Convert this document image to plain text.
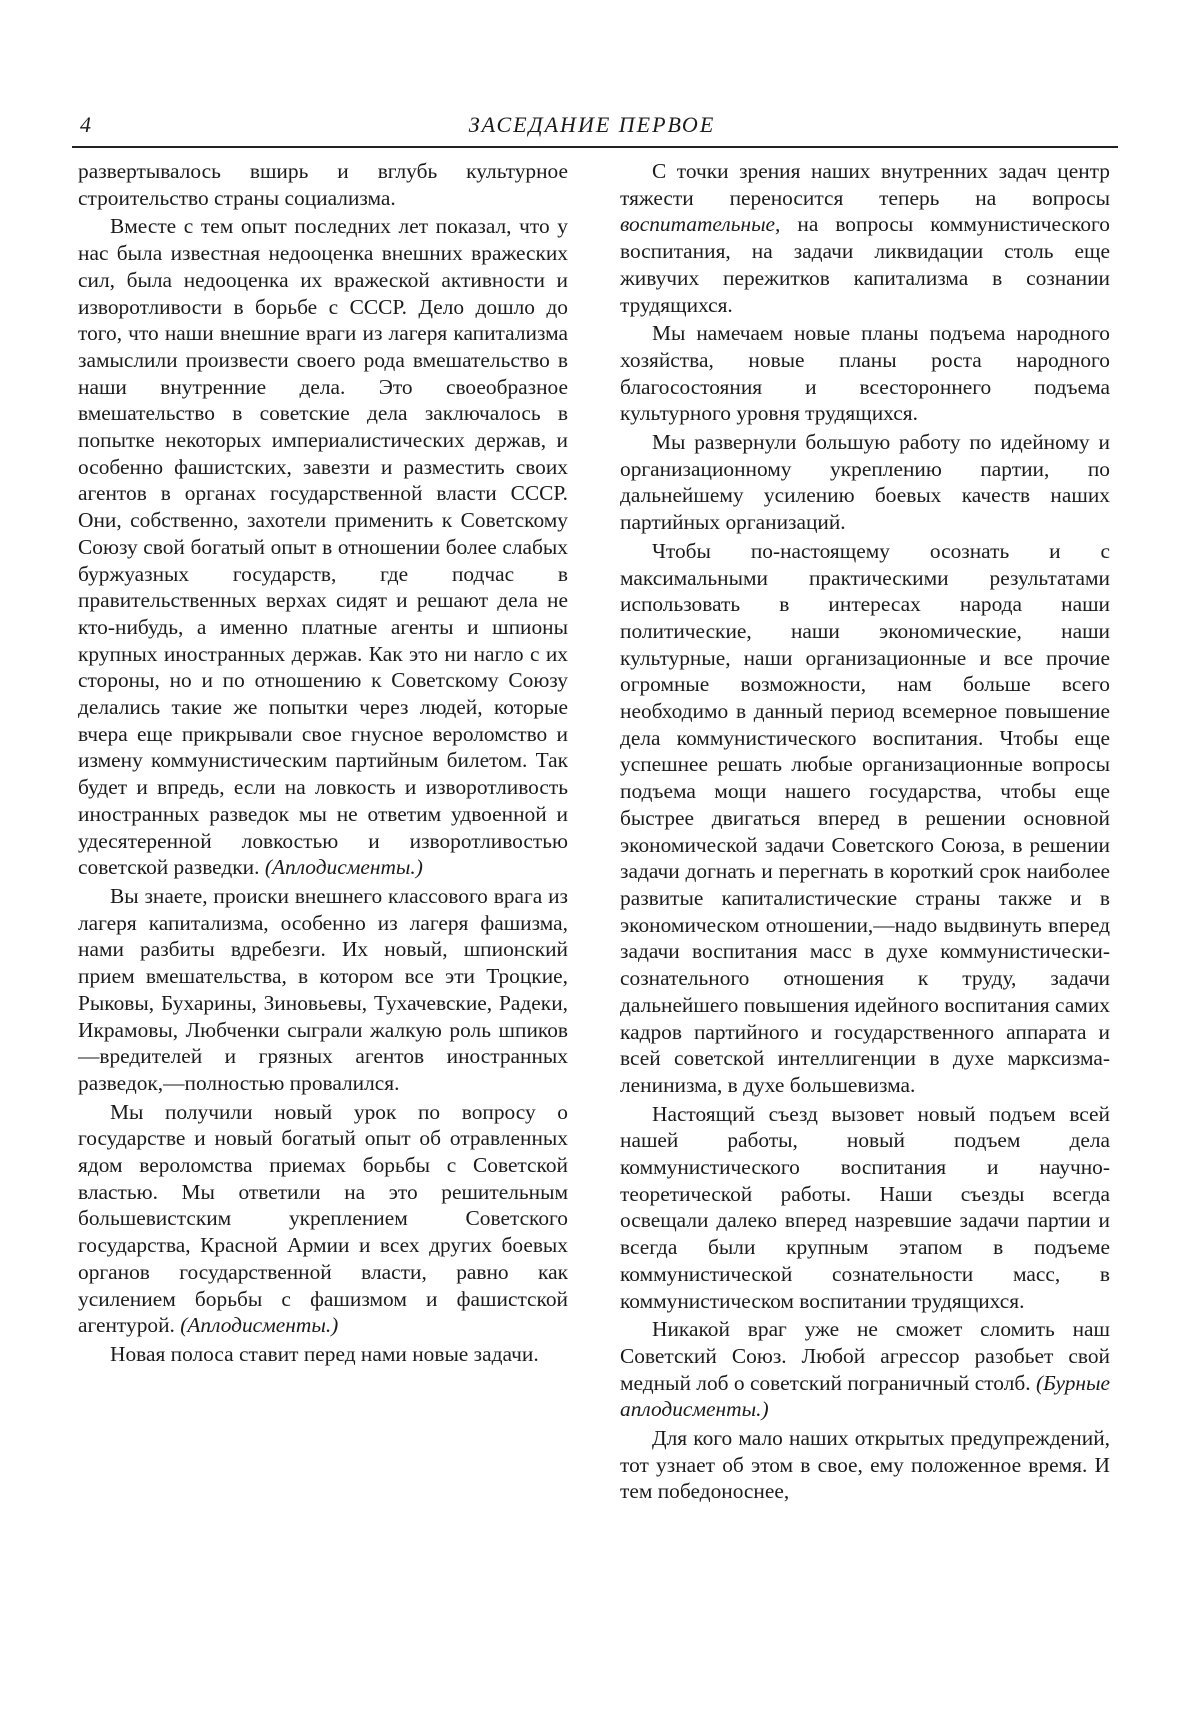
4	ЗАСЕДАНИЕ ПЕРВОЕ

развертывалось вширь и вглубь культурное строительство страны социализма.

Вместе с тем опыт последних лет показал, что у нас была известная недооценка внешних вражеских сил, была недооценка их вражеской активности и изворотливости в борьбе с СССР. Дело дошло до того, что наши внешние враги из лагеря капитализма замыслили произвести своего рода вмешательство в наши внутренние дела. Это своеобразное вмешательство в советские дела заключалось в попытке некоторых империалистических держав, и особенно фашистских, завезти и разместить своих агентов в органах государственной власти СССР. Они, собственно, захотели применить к Советскому Союзу свой богатый опыт в отношении более слабых буржуазных государств, где подчас в правительственных верхах сидят и решают дела не кто-нибудь, а именно платные агенты и шпионы крупных иностранных держав. Как это ни нагло с их стороны, но и по отношению к Советскому Союзу делались такие же попытки через людей, которые вчера еще прикрывали свое гнусное вероломство и измену коммунистическим партийным билетом. Так будет и впредь, если на ловкость и изворотливость иностранных разведок мы не ответим удвоенной и удесятеренной ловкостью и изворотливостью советской разведки. (Аплодисменты.)

Вы знаете, происки внешнего классового врага из лагеря капитализма, особенно из лагеря фашизма, нами разбиты вдребезги. Их новый, шпионский прием вмешательства, в котором все эти Троцкие, Рыковы, Бухарины, Зиновьевы, Тухачевские, Радеки, Икрамовы, Любченки сыграли жалкую роль шпиков—вредителей и грязных агентов иностранных разведок,—полностью провалился.

Мы получили новый урок по вопросу о государстве и новый богатый опыт об отравленных ядом вероломства приемах борьбы с Советской властью. Мы ответили на это решительным большевистским укреплением Советского государства, Красной Армии и всех других боевых органов государственной власти, равно как усилением борьбы с фашизмом и фашистской агентурой. (Аплодисменты.)

Новая полоса ставит перед нами новые задачи.

С точки зрения наших внутренних задач центр тяжести переносится теперь на вопросы воспитательные, на вопросы коммунистического воспитания, на задачи ликвидации столь еще живучих пережитков капитализма в сознании трудящихся.

Мы намечаем новые планы подъема народного хозяйства, новые планы роста народного благосостояния и всестороннего подъема культурного уровня трудящихся.

Мы развернули большую работу по идейному и организационному укреплению партии, по дальнейшему усилению боевых качеств наших партийных организаций.

Чтобы по-настоящему осознать и с максимальными практическими результатами использовать в интересах народа наши политические, наши экономические, наши культурные, наши организационные и все прочие огромные возможности, нам больше всего необходимо в данный период всемерное повышение дела коммунистического воспитания. Чтобы еще успешнее решать любые организационные вопросы подъема мощи нашего государства, чтобы еще быстрее двигаться вперед в решении основной экономической задачи Советского Союза, в решении задачи догнать и перегнать в короткий срок наиболее развитые капиталистические страны также и в экономическом отношении,—надо выдвинуть вперед задачи воспитания масс в духе коммунистически-сознательного отношения к труду, задачи дальнейшего повышения идейного воспитания самих кадров партийного и государственного аппарата и всей советской интеллигенции в духе марксизма-ленинизма, в духе большевизма.

Настоящий съезд вызовет новый подъем всей нашей работы, новый подъем дела коммунистического воспитания и научно-теоретической работы. Наши съезды всегда освещали далеко вперед назревшие задачи партии и всегда были крупным этапом в подъеме коммунистической сознательности масс, в коммунистическом воспитании трудящихся.

Никакой враг уже не сможет сломить наш Советский Союз. Любой агрессор разобьет свой медный лоб о советский пограничный столб. (Бурные аплодисменты.)

Для кого мало наших открытых предупреждений, тот узнает об этом в свое, ему положенное время. И тем победоноснее,
